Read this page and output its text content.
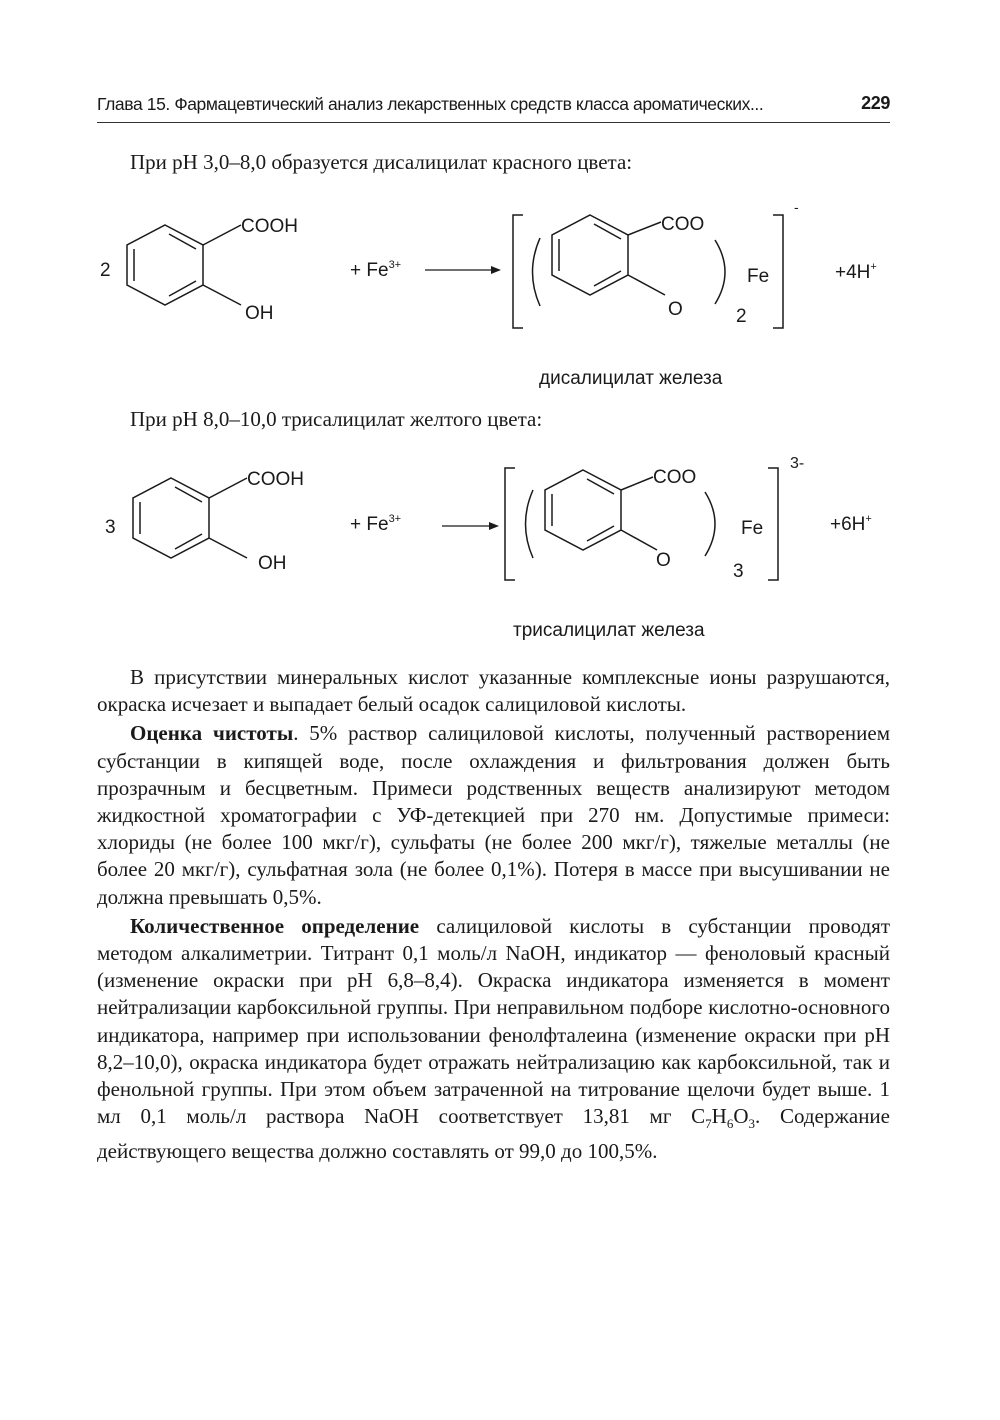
Глава 15. Фармацевтический анализ лекарственных средств класса ароматических...	229
При pH 3,0–8,0 образуется дисалицилат красного цвета:
2
COOH
OH
+ $Fe^{3+}$
COO
O
Fe
2
-
+4H+
дисалицилат железа
При pH 8,0–10,0 трисалицилат желтого цвета:
3
COOH
OH
+ $Fe^{3+}$
COO
O
Fe
3
3-
+6H+
трисалицилат железа

В присутствии минеральных кислот указанные комплексные ионы разрушаются, окраска исчезает и выпадает белый осадок салициловой кислоты.

Оценка чистоты. 5% раствор салициловой кислоты, полученный растворением субстанции в кипящей воде, после охлаждения и фильтрования должен быть прозрачным и бесцветным. Примеси родственных веществ анализируют методом жидкостной хроматографии с УФ-детекцией при 270 нм. Допустимые примеси: хлориды (не более 100 мкг/г), сульфаты (не более 200 мкг/г), тяжелые металлы (не более 20 мкг/г), сульфатная зола (не более 0,1%). Потеря в массе при высушивании не должна превышать 0,5%.

Количественное определение салициловой кислоты в субстанции проводят методом алкалиметрии. Титрант 0,1 моль/л NaOH, индикатор — феноловый красный (изменение окраски при pH 6,8–8,4). Окраска индикатора изменяется в момент нейтрализации карбоксильной группы. При неправильном подборе кислотно-основного индикатора, например при использовании фенолфталеина (изменение окраски при pH 8,2–10,0), окраска индикатора будет отражать нейтрализацию как карбоксильной, так и фенольной группы. При этом объем затраченной на титрование щелочи будет выше. 1 мл 0,1 моль/л раствора NaOH соответствует 13,81 мг $C_7H_6O_3$. Содержание действующего вещества должно составлять от 99,0 до 100,5%.
